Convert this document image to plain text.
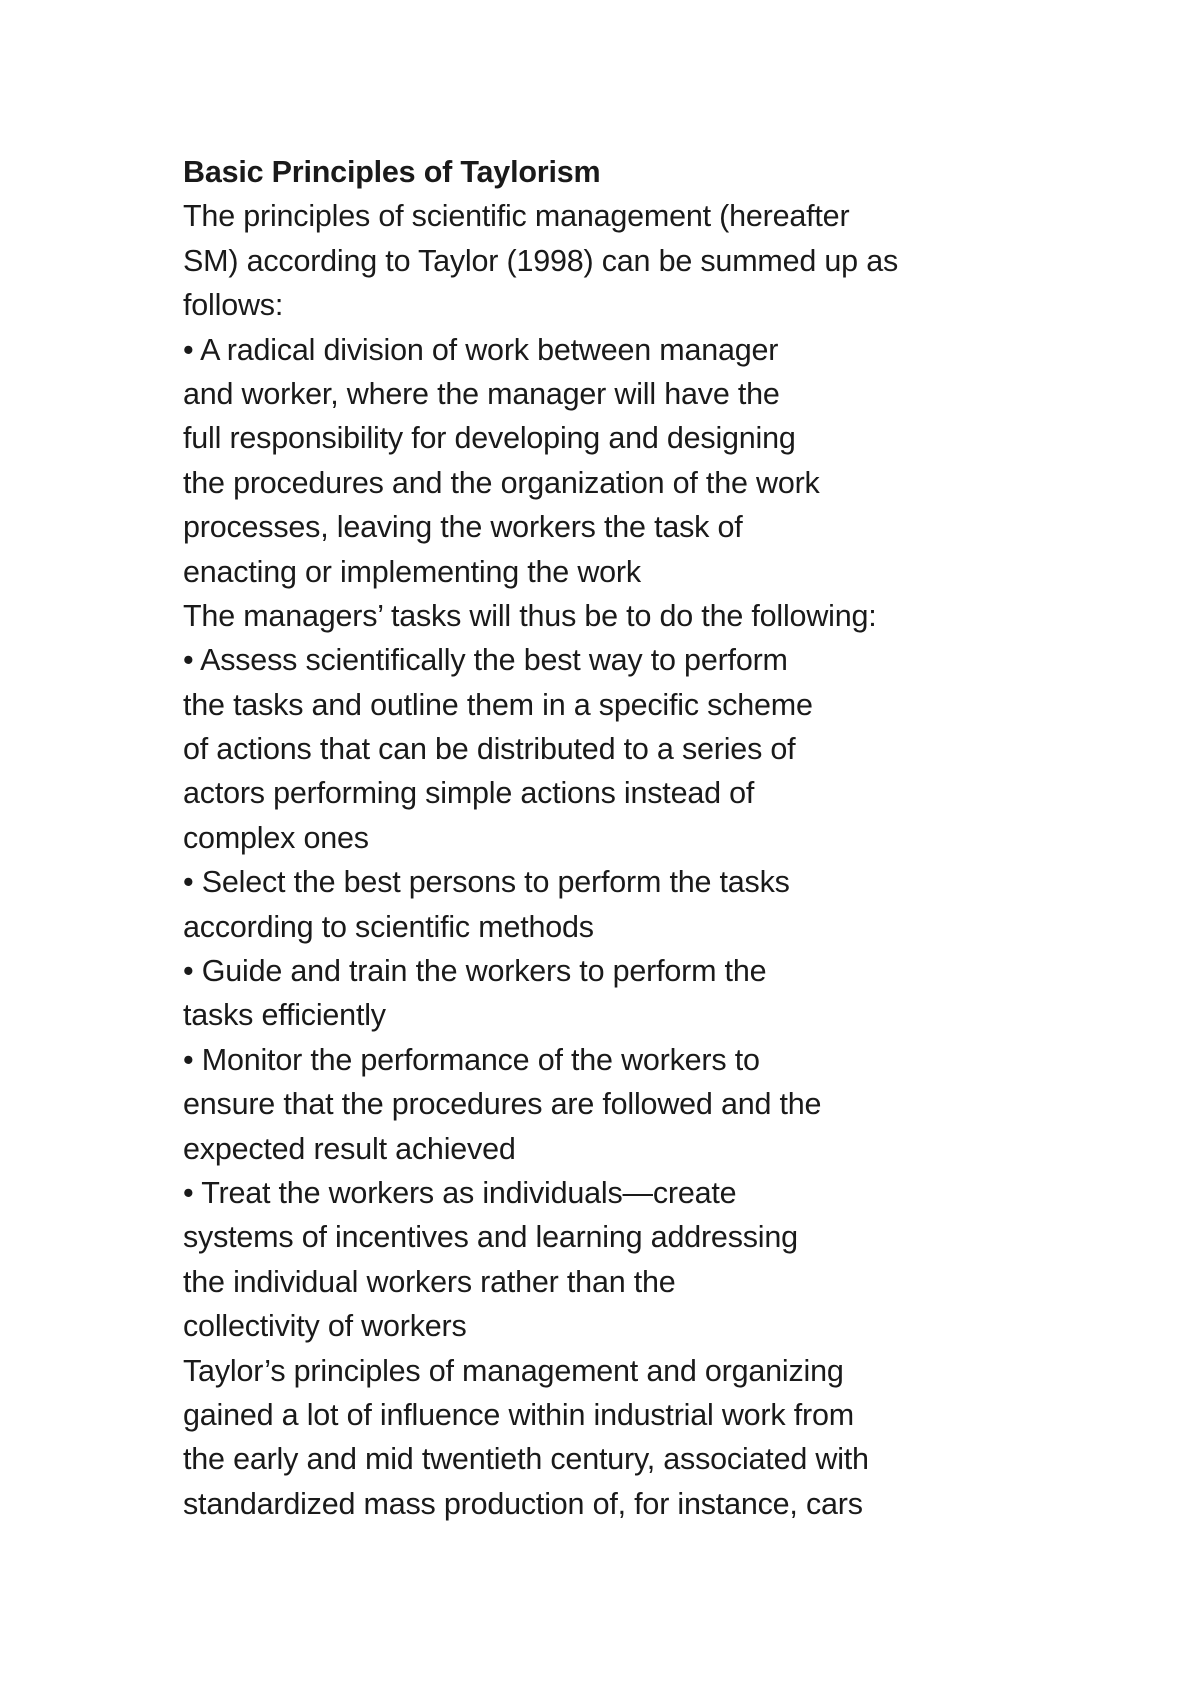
Basic Principles of Taylorism
The principles of scientific management (hereafter
SM) according to Taylor (1998) can be summed up as
follows:
• A radical division of work between manager
and worker, where the manager will have the
full responsibility for developing and designing
the procedures and the organization of the work
processes, leaving the workers the task of
enacting or implementing the work
The managers’ tasks will thus be to do the following:
• Assess scientifically the best way to perform
the tasks and outline them in a specific scheme
of actions that can be distributed to a series of
actors performing simple actions instead of
complex ones
• Select the best persons to perform the tasks
according to scientific methods
• Guide and train the workers to perform the
tasks efficiently
• Monitor the performance of the workers to
ensure that the procedures are followed and the
expected result achieved
• Treat the workers as individuals—create
systems of incentives and learning addressing
the individual workers rather than the
collectivity of workers
Taylor’s principles of management and organizing
gained a lot of influence within industrial work from
the early and mid twentieth century, associated with
standardized mass production of, for instance, cars
